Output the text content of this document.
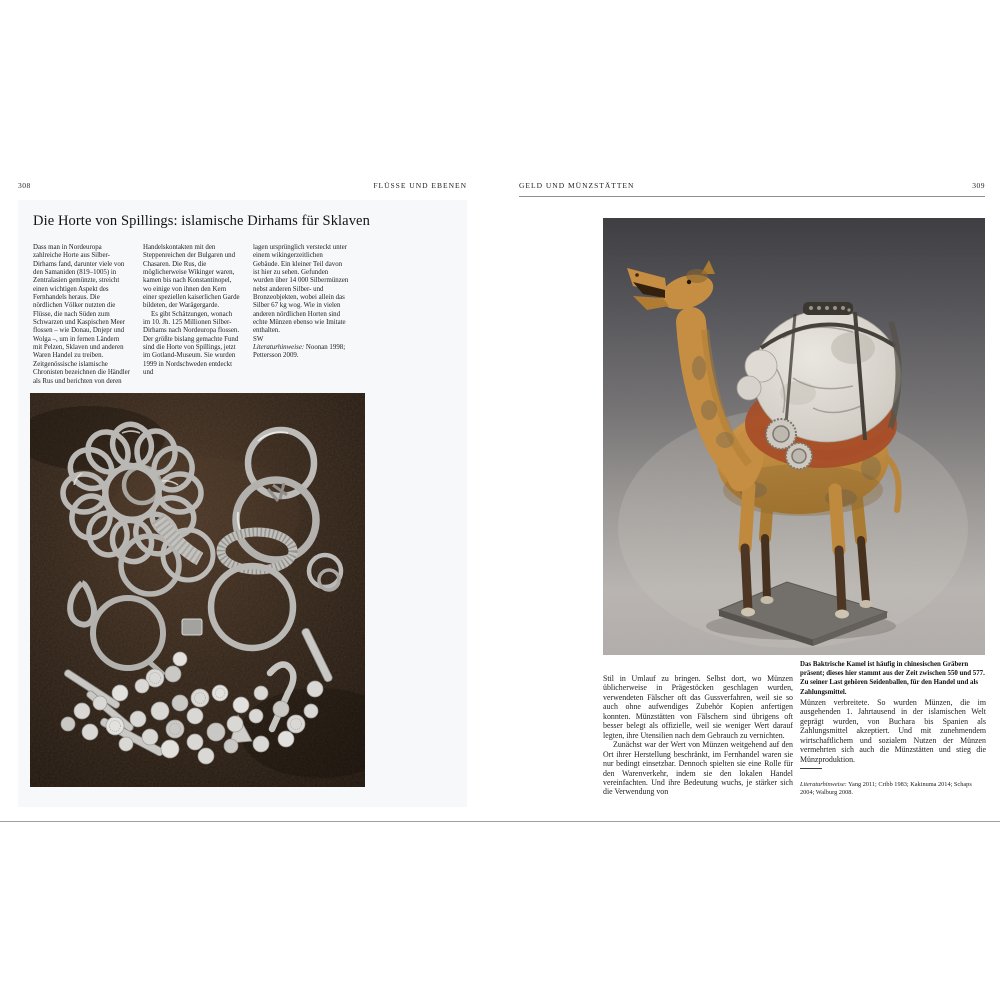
308	FLÜSSE UND EBENEN
Die Horte von Spillings: islamische Dirhams für Sklaven

Dass man in Nordeuropa zahlreiche Horte aus Silber-Dirhams fand, darunter viele von den Samaniden (819–1005) in Zentralasien gemünzte, streicht einen wichtigen Aspekt des Fernhandels heraus. Die nördlichen Völker nutzten die Flüsse, die nach Süden zum Schwarzen und Kaspischen Meer flossen – wie Donau, Dnjepr und Wolga –, um in fernen Ländern mit Pelzen, Sklaven und anderen Waren Handel zu treiben. Zeitgenössische islamische Chronisten bezeichnen die Händler als Rus und berichten von deren

Handelskontakten mit den Steppenreichen der Bulgaren und Chasaren. Die Rus, die möglicherweise Wikinger waren, kamen bis nach Konstantinopel, wo einige von ihnen den Kern einer speziellen kaiserlichen Garde bildeten, der Warägergarde.

Es gibt Schätzungen, wonach im 10. Jh. 125 Millionen Silber-Dirhams nach Nordeuropa flossen. Der größte bislang gemachte Fund sind die Horte von Spillings, jetzt im Gotland-Museum. Sie wurden 1999 in Nordschweden entdeckt und

lagen ursprünglich versteckt unter einem wikingerzeitlichen Gebäude. Ein kleiner Teil davon ist hier zu sehen. Gefunden wurden über 14 000 Silbermünzen nebst anderen Silber- und Bronzeobjekten, wobei allein das Silber 67 kg wog. Wie in vielen anderen nördlichen Horten sind echte Münzen ebenso wie Imitate enthalten.

SW

Literaturhinweise: Noonan 1998; Pettersson 2009.

GELD UND MÜNZSTÄTTEN	309
Das Baktrische Kamel ist häufig in chinesischen Gräbern präsent; dieses hier stammt aus der Zeit zwischen 550 und 577. Zu seiner Last gehören Seidenballen, für den Handel und als Zahlungsmittel.

Stil in Umlauf zu bringen. Selbst dort, wo Münzen üblicherweise in Prägestöcken geschlagen wurden, verwendeten Fälscher oft das Gussverfahren, weil sie so auch ohne aufwendiges Zubehör Kopien anfertigen konnten. Münzstätten von Fälschern sind übrigens oft besser belegt als offizielle, weil sie weniger Wert darauf legten, ihre Utensilien nach dem Gebrauch zu vernichten.

Zunächst war der Wert von Münzen weitgehend auf den Ort ihrer Herstellung beschränkt, im Fernhandel waren sie nur bedingt einsetzbar. Dennoch spielten sie eine Rolle für den Warenverkehr, indem sie den lokalen Handel vereinfachten. Und ihre Bedeutung wuchs, je stärker sich die Verwendung von

Münzen verbreitete. So wurden Münzen, die im ausgehenden 1. Jahrtausend in der islamischen Welt geprägt wurden, von Buchara bis Spanien als Zahlungsmittel akzeptiert. Und mit zunehmendem wirtschaftlichem und sozialem Nutzen der Münzen vermehrten sich auch die Münzstätten und stieg die Münzproduktion.

Literaturhinweise: Yang 2011; Cribb 1983; Kakinuma 2014; Schaps 2004; Walburg 2008.
